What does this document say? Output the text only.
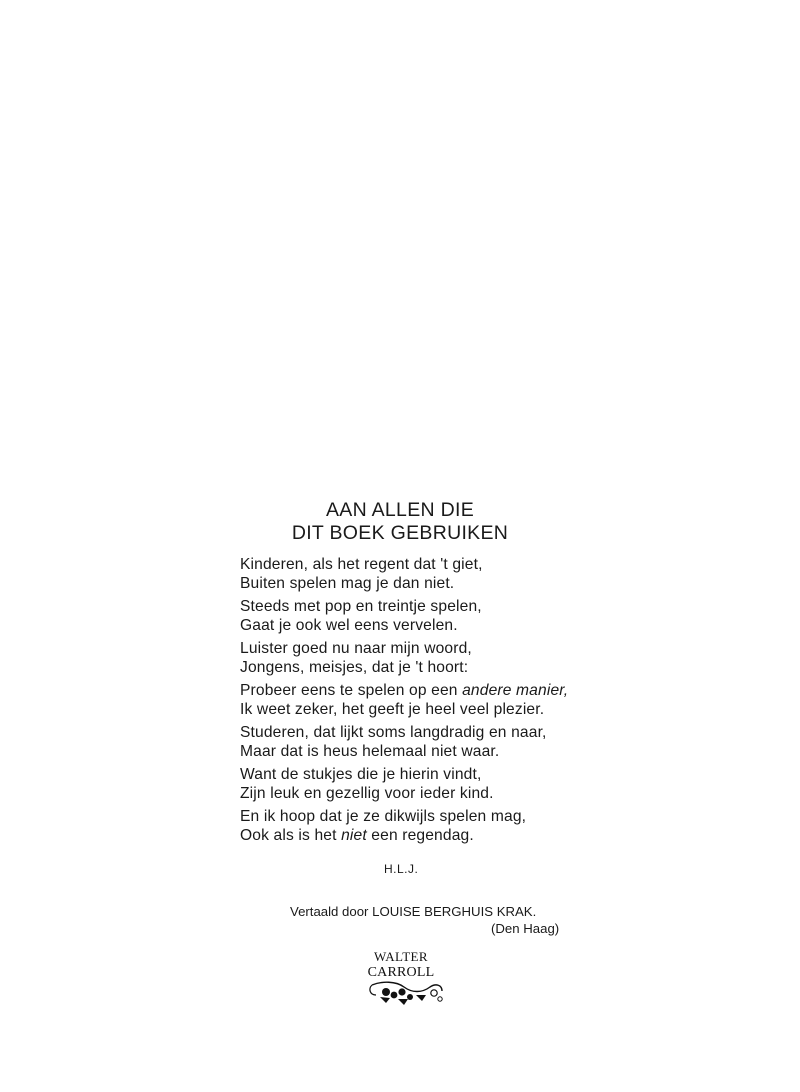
AAN ALLEN DIE
DIT BOEK GEBRUIKEN
Kinderen, als het regent dat 't giet,
Buiten spelen mag je dan niet.
Steeds met pop en treintje spelen,
Gaat je ook wel eens vervelen.
Luister goed nu naar mijn woord,
Jongens, meisjes, dat je 't hoort:
Probeer eens te spelen op een andere manier,
Ik weet zeker, het geeft je heel veel plezier.
Studeren, dat lijkt soms langdradig en naar,
Maar dat is heus helemaal niet waar.
Want de stukjes die je hierin vindt,
Zijn leuk en gezellig voor ieder kind.
En ik hoop dat je ze dikwijls spelen mag,
Ook als is het niet een regendag.
H.L.J.
Vertaald door LOUISE BERGHUIS KRAK.
(Den Haag)
WALTER
CARROLL
